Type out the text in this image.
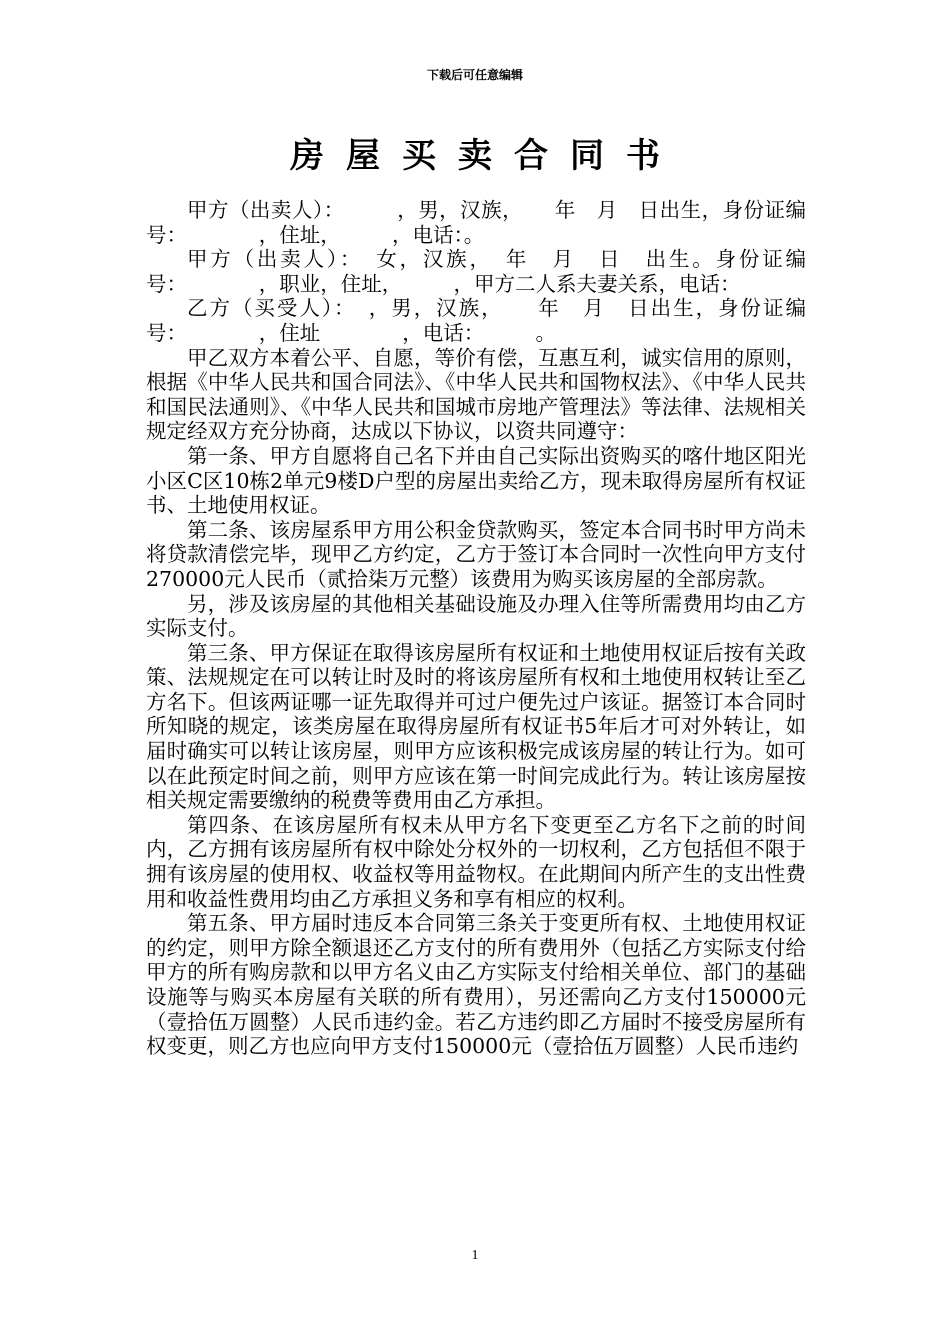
下载后可任意编辑
房屋买卖合同书

甲方（出卖人）：　　　，男，汉族，　　年　月　日出生，身份证编号：　　　　，住址，　　　，电话：。

甲方（出卖人）：　女，汉族，　年　月　日　出生。身份证编号：　　　　，职业，住址，　　　，甲方二人系夫妻关系，电话：

乙方（买受人）：　，男，汉族，　　年　月　日出生，身份证编号：　　　　，住址　　　　，电话：　　　。

甲乙双方本着公平、自愿，等价有偿，互惠互利，诚实信用的原则，根据《中华人民共和国合同法》、《中华人民共和国物权法》、《中华人民共和国民法通则》、《中华人民共和国城市房地产管理法》等法律、法规相关规定经双方充分协商，达成以下协议，以资共同遵守：

第一条、甲方自愿将自己名下并由自己实际出资购买的喀什地区阳光小区C区10栋2单元9楼D户型的房屋出卖给乙方，现未取得房屋所有权证书、土地使用权证。

第二条、该房屋系甲方用公积金贷款购买，签定本合同书时甲方尚未将贷款清偿完毕，现甲乙方约定，乙方于签订本合同时一次性向甲方支付270000元人民币（贰拾柒万元整）该费用为购买该房屋的全部房款。

另，涉及该房屋的其他相关基础设施及办理入住等所需费用均由乙方实际支付。

第三条、甲方保证在取得该房屋所有权证和土地使用权证后按有关政策、法规规定在可以转让时及时的将该房屋所有权和土地使用权转让至乙方名下。但该两证哪一证先取得并可过户便先过户该证。据签订本合同时所知晓的规定，该类房屋在取得房屋所有权证书5年后才可对外转让，如届时确实可以转让该房屋，则甲方应该积极完成该房屋的转让行为。如可以在此预定时间之前，则甲方应该在第一时间完成此行为。转让该房屋按相关规定需要缴纳的税费等费用由乙方承担。

第四条、在该房屋所有权未从甲方名下变更至乙方名下之前的时间内，乙方拥有该房屋所有权中除处分权外的一切权利，乙方包括但不限于拥有该房屋的使用权、收益权等用益物权。在此期间内所产生的支出性费用和收益性费用均由乙方承担义务和享有相应的权利。

第五条、甲方届时违反本合同第三条关于变更所有权、土地使用权证的约定，则甲方除全额退还乙方支付的所有费用外（包括乙方实际支付给甲方的所有购房款和以甲方名义由乙方实际支付给相关单位、部门的基础设施等与购买本房屋有关联的所有费用），另还需向乙方支付150000元（壹拾伍万圆整）人民币违约金。若乙方违约即乙方届时不接受房屋所有权变更，则乙方也应向甲方支付150000元（壹拾伍万圆整）人民币违约

1
